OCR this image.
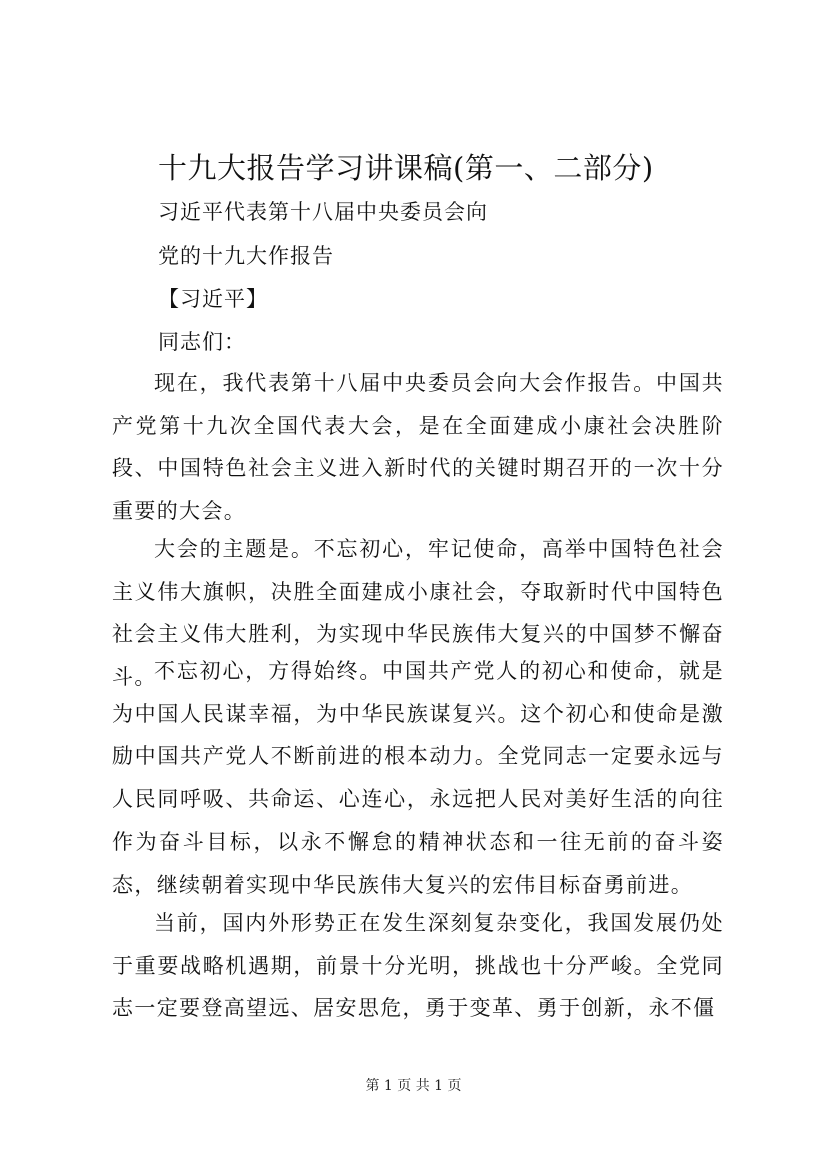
十九大报告学习讲课稿(第一、二部分)
习近平代表第十八届中央委员会向
党的十九大作报告
【习近平】
同志们：

现在，我代表第十八届中央委员会向大会作报告。中国共产党第十九次全国代表大会，是在全面建成小康社会决胜阶段、中国特色社会主义进入新时代的关键时期召开的一次十分重要的大会。

大会的主题是。不忘初心，牢记使命，高举中国特色社会主义伟大旗帜，决胜全面建成小康社会，夺取新时代中国特色社会主义伟大胜利，为实现中华民族伟大复兴的中国梦不懈奋斗。

不忘初心，方得始终。中国共产党人的初心和使命，就是为中国人民谋幸福，为中华民族谋复兴。这个初心和使命是激励中国共产党人不断前进的根本动力。全党同志一定要永远与人民同呼吸、共命运、心连心，永远把人民对美好生活的向往作为奋斗目标，以永不懈怠的精神状态和一往无前的奋斗姿态，继续朝着实现中华民族伟大复兴的宏伟目标奋勇前进。

当前，国内外形势正在发生深刻复杂变化，我国发展仍处于重要战略机遇期，前景十分光明，挑战也十分严峻。全党同志一定要登高望远、居安思危，勇于变革、勇于创新，永不僵

第 1 页 共 1 页
